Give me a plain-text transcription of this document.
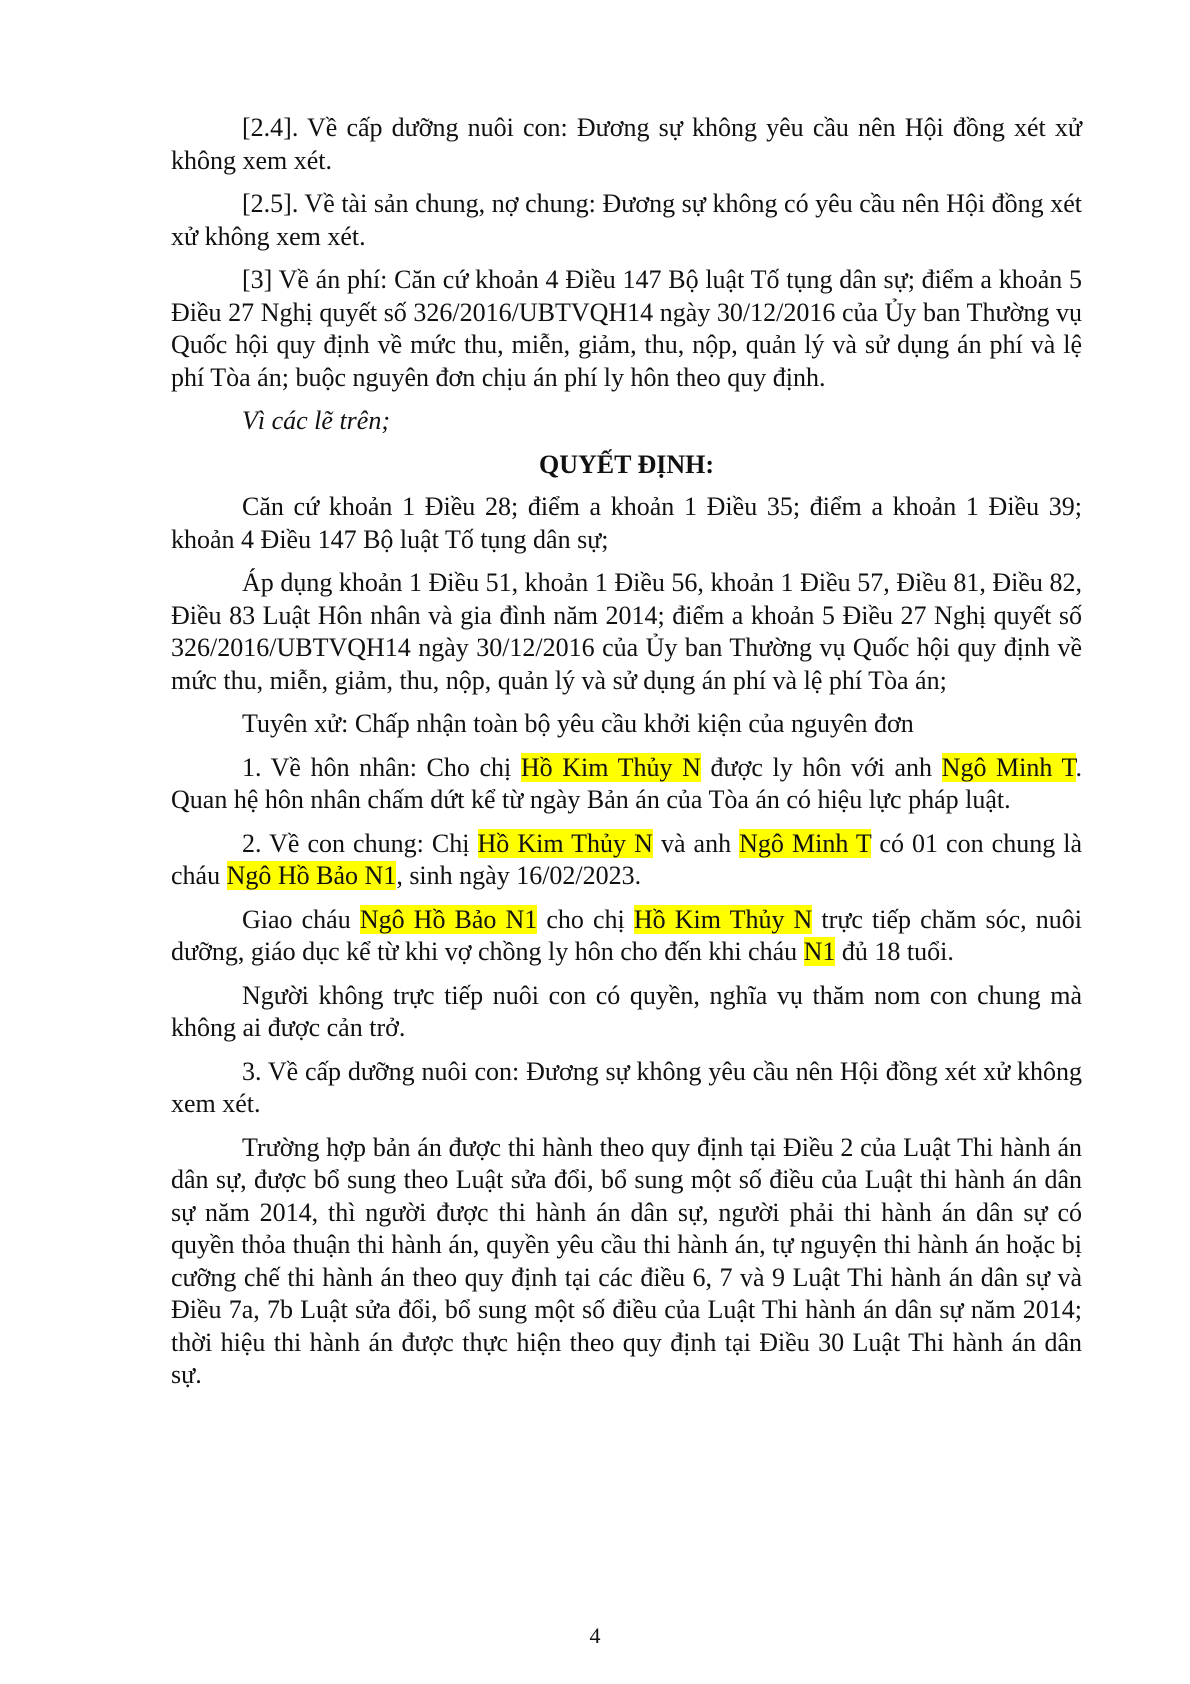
[2.4]. Về cấp dưỡng nuôi con: Đương sự không yêu cầu nên Hội đồng xét xử không xem xét.

[2.5]. Về tài sản chung, nợ chung: Đương sự không có yêu cầu nên Hội đồng xét xử không xem xét.

[3] Về án phí: Căn cứ khoản 4 Điều 147 Bộ luật Tố tụng dân sự; điểm a khoản 5 Điều 27 Nghị quyết số 326/2016/UBTVQH14 ngày 30/12/2016 của Ủy ban Thường vụ Quốc hội quy định về mức thu, miễn, giảm, thu, nộp, quản lý và sử dụng án phí và lệ phí Tòa án; buộc nguyên đơn chịu án phí ly hôn theo quy định.

Vì các lẽ trên;

QUYẾT ĐỊNH:

Căn cứ khoản 1 Điều 28; điểm a khoản 1 Điều 35; điểm a khoản 1 Điều 39; khoản 4 Điều 147 Bộ luật Tố tụng dân sự;

Áp dụng khoản 1 Điều 51, khoản 1 Điều 56, khoản 1 Điều 57, Điều 81, Điều 82, Điều 83 Luật Hôn nhân và gia đình năm 2014; điểm a khoản 5 Điều 27 Nghị quyết số 326/2016/UBTVQH14 ngày 30/12/2016 của Ủy ban Thường vụ Quốc hội quy định về mức thu, miễn, giảm, thu, nộp, quản lý và sử dụng án phí và lệ phí Tòa án;

Tuyên xử: Chấp nhận toàn bộ yêu cầu khởi kiện của nguyên đơn

1. Về hôn nhân: Cho chị Hồ Kim Thủy N được ly hôn với anh Ngô Minh T. Quan hệ hôn nhân chấm dứt kể từ ngày Bản án của Tòa án có hiệu lực pháp luật.

2. Về con chung: Chị Hồ Kim Thủy N và anh Ngô Minh T có 01 con chung là cháu Ngô Hồ Bảo N1, sinh ngày 16/02/2023.

Giao cháu Ngô Hồ Bảo N1 cho chị Hồ Kim Thủy N trực tiếp chăm sóc, nuôi dưỡng, giáo dục kể từ khi vợ chồng ly hôn cho đến khi cháu N1 đủ 18 tuổi.

Người không trực tiếp nuôi con có quyền, nghĩa vụ thăm nom con chung mà không ai được cản trở.

3. Về cấp dưỡng nuôi con: Đương sự không yêu cầu nên Hội đồng xét xử không xem xét.

Trường hợp bản án được thi hành theo quy định tại Điều 2 của Luật Thi hành án dân sự, được bổ sung theo Luật sửa đổi, bổ sung một số điều của Luật thi hành án dân sự năm 2014, thì người được thi hành án dân sự, người phải thi hành án dân sự có quyền thỏa thuận thi hành án, quyền yêu cầu thi hành án, tự nguyện thi hành án hoặc bị cưỡng chế thi hành án theo quy định tại các điều 6, 7 và 9 Luật Thi hành án dân sự và Điều 7a, 7b Luật sửa đổi, bổ sung một số điều của Luật Thi hành án dân sự năm 2014; thời hiệu thi hành án được thực hiện theo quy định tại Điều 30 Luật Thi hành án dân sự.

4
